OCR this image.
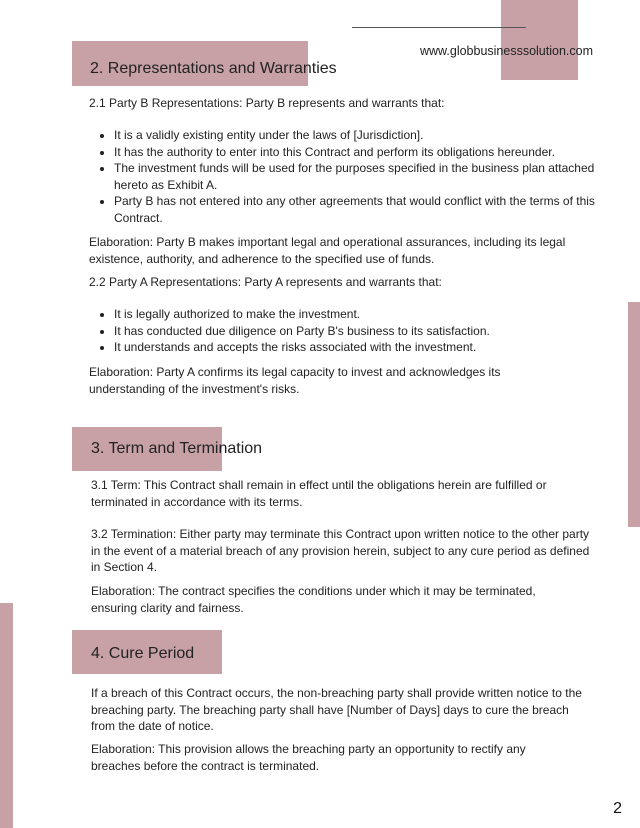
www.globbusinesssolution.com
2. Representations and Warranties

2.1 Party B Representations: Party B represents and warrants that:

• It is a validly existing entity under the laws of [Jurisdiction].
• It has the authority to enter into this Contract and perform its obligations hereunder.
• The investment funds will be used for the purposes specified in the business plan attached hereto as Exhibit A.
• Party B has not entered into any other agreements that would conflict with the terms of this Contract.

Elaboration: Party B makes important legal and operational assurances, including its legal existence, authority, and adherence to the specified use of funds.

2.2 Party A Representations: Party A represents and warrants that:

• It is legally authorized to make the investment.
• It has conducted due diligence on Party B's business to its satisfaction.
• It understands and accepts the risks associated with the investment.

Elaboration: Party A confirms its legal capacity to invest and acknowledges its understanding of the investment's risks.

3. Term and Termination

3.1 Term: This Contract shall remain in effect until the obligations herein are fulfilled or terminated in accordance with its terms.

3.2 Termination: Either party may terminate this Contract upon written notice to the other party in the event of a material breach of any provision herein, subject to any cure period as defined in Section 4.

Elaboration: The contract specifies the conditions under which it may be terminated, ensuring clarity and fairness.

4. Cure Period

If a breach of this Contract occurs, the non-breaching party shall provide written notice to the breaching party. The breaching party shall have [Number of Days] days to cure the breach from the date of notice.

Elaboration: This provision allows the breaching party an opportunity to rectify any breaches before the contract is terminated.

2
